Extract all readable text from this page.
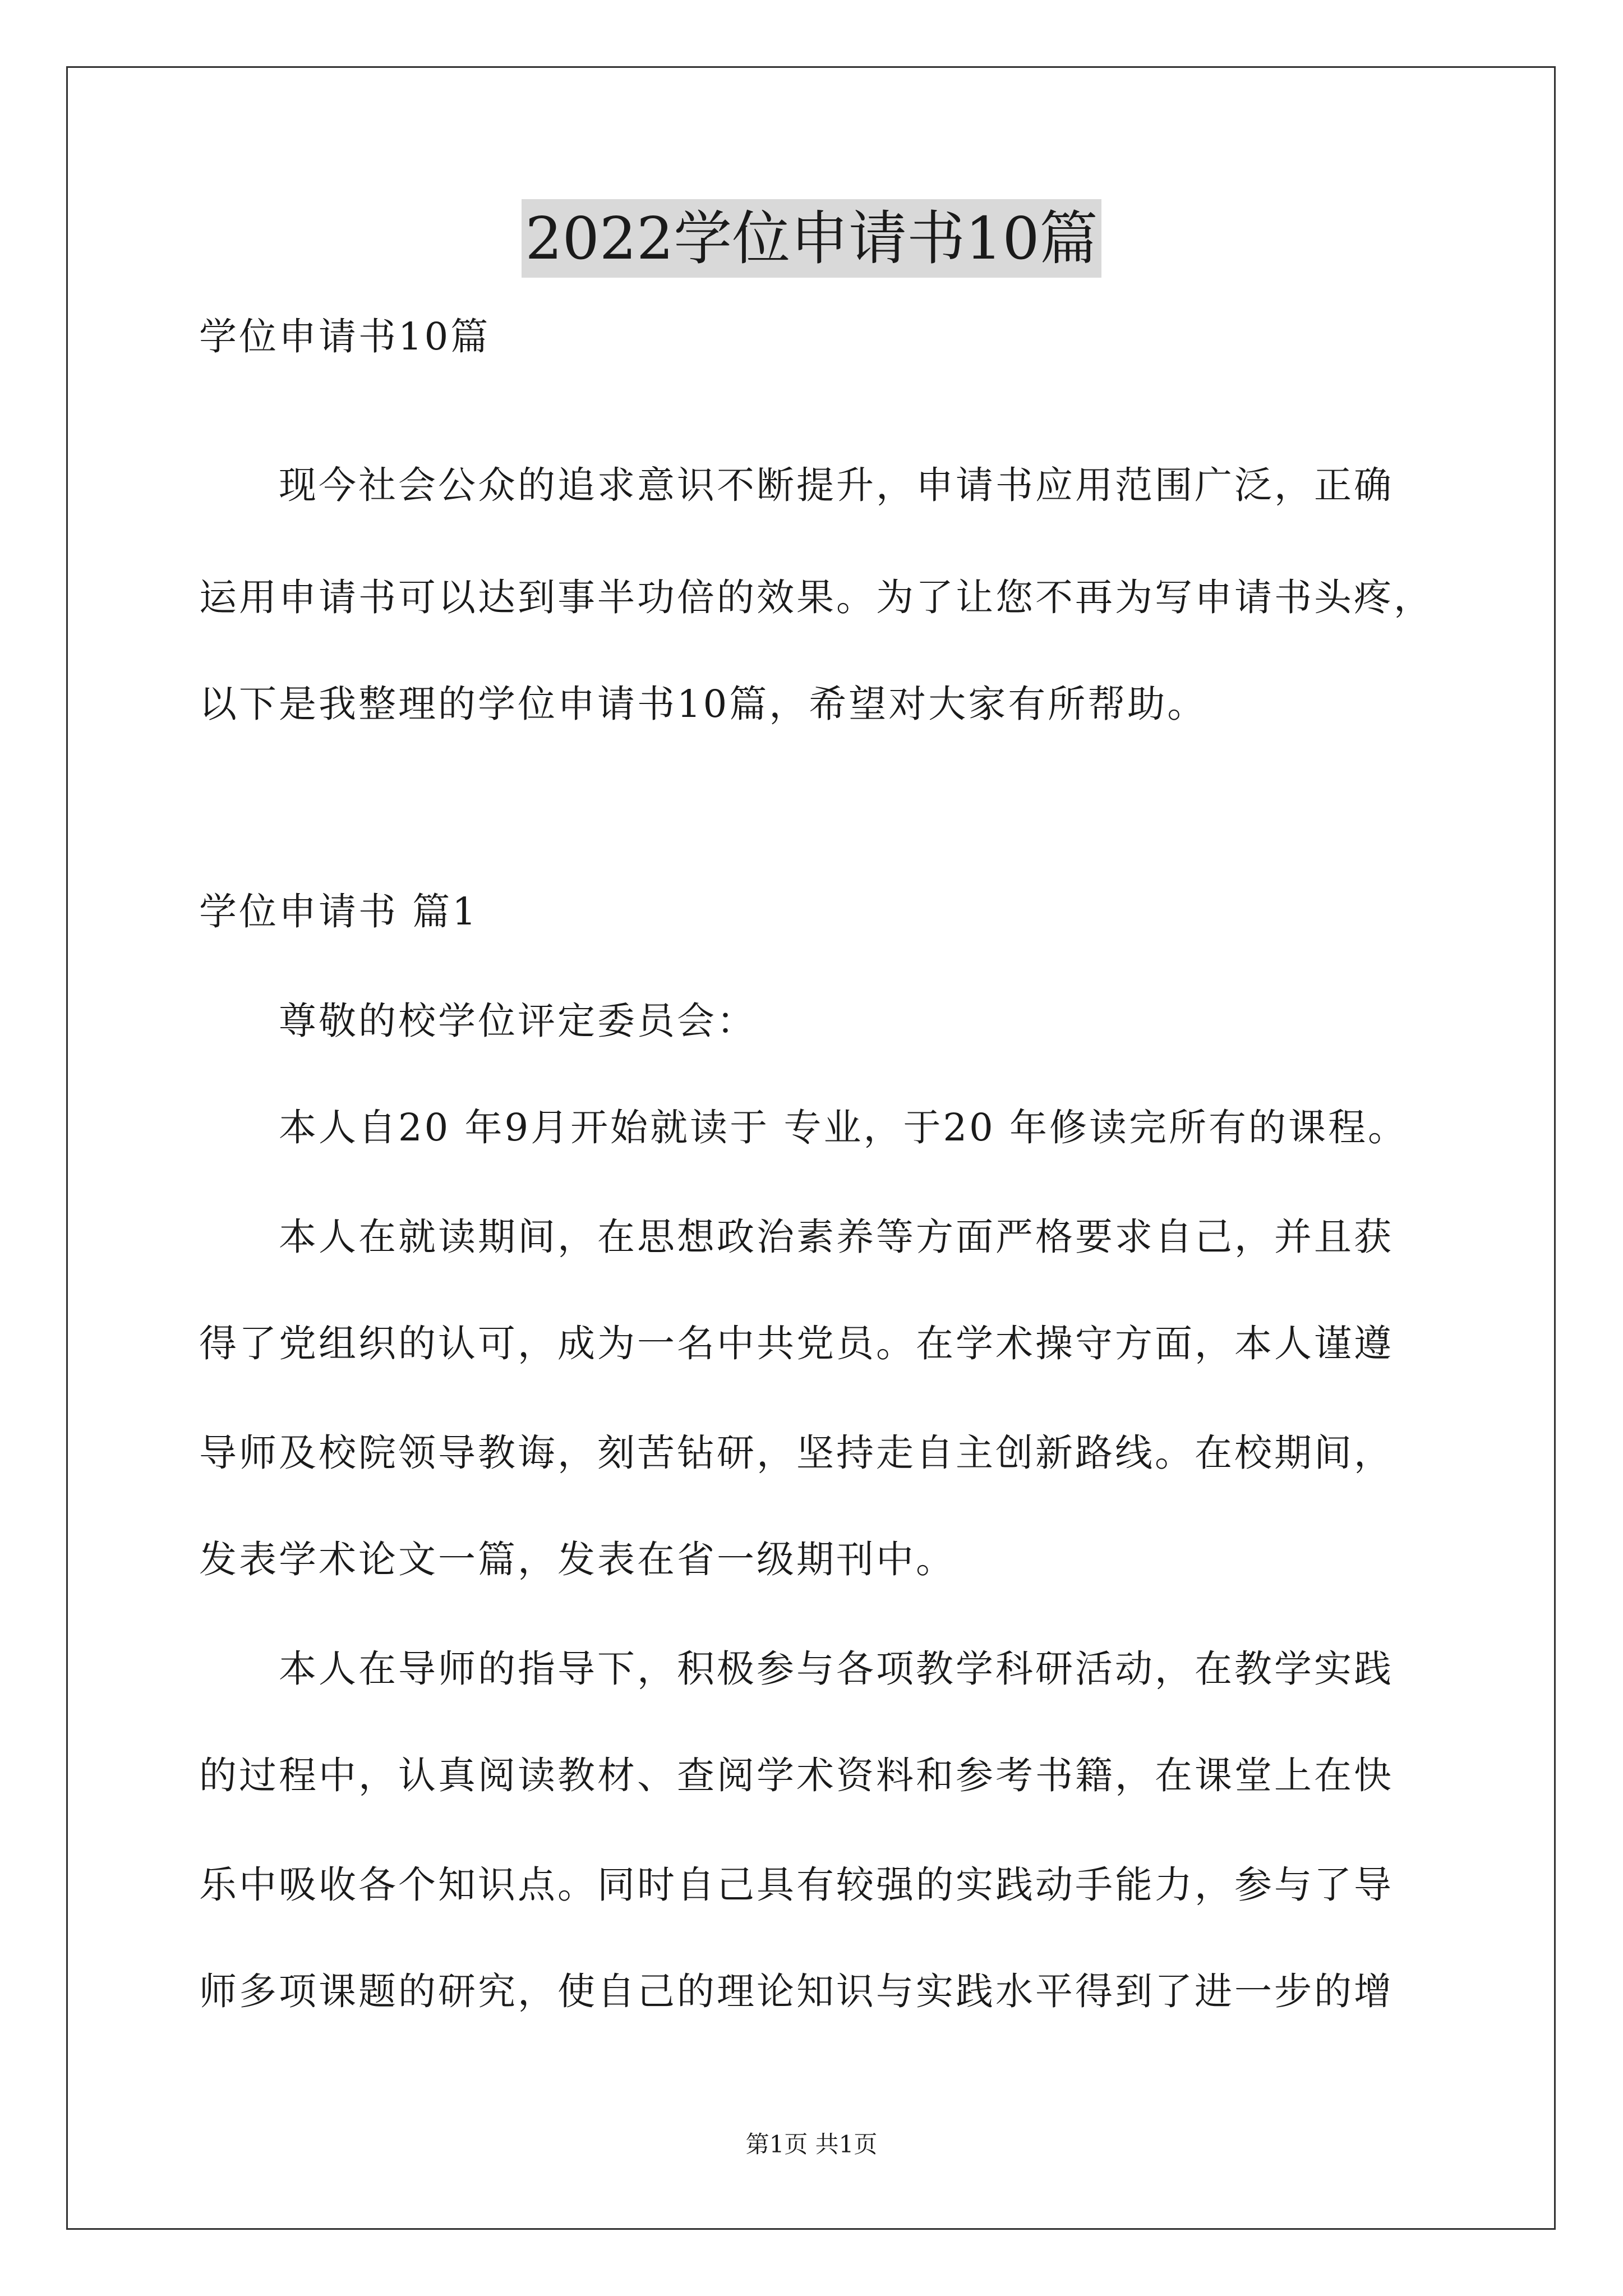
2022学位申请书10篇
学位申请书10篇
　　现今社会公众的追求意识不断提升，申请书应用范围广泛，正确
运用申请书可以达到事半功倍的效果。为了让您不再为写申请书头疼，
以下是我整理的学位申请书10篇，希望对大家有所帮助。
学位申请书 篇1
　　尊敬的校学位评定委员会：
　　本人自20 年9月开始就读于 专业，于20 年修读完所有的课程。
　　本人在就读期间，在思想政治素养等方面严格要求自己，并且获
得了党组织的认可，成为一名中共党员。在学术操守方面，本人谨遵
导师及校院领导教诲，刻苦钻研，坚持走自主创新路线。在校期间，
发表学术论文一篇，发表在省一级期刊中。
　　本人在导师的指导下，积极参与各项教学科研活动，在教学实践
的过程中，认真阅读教材、查阅学术资料和参考书籍，在课堂上在快
乐中吸收各个知识点。同时自己具有较强的实践动手能力，参与了导
师多项课题的研究，使自己的理论知识与实践水平得到了进一步的增
第1页 共1页
